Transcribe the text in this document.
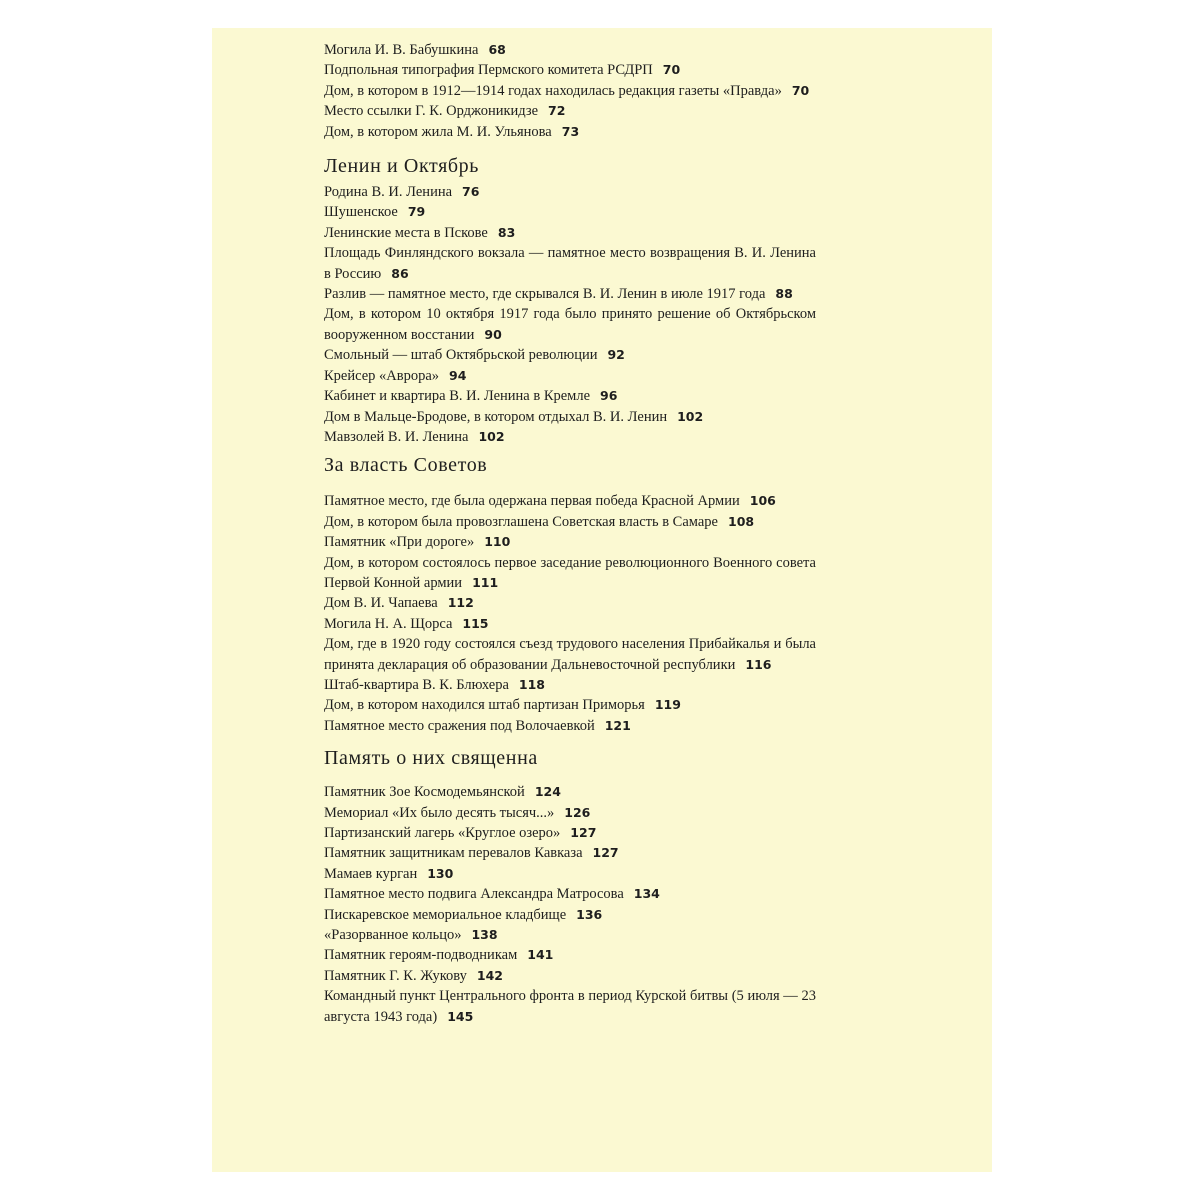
Могила И. В. Бабушкина 68
Подпольная типография Пермского комитета РСДРП 70
Дом, в котором в 1912—1914 годах находилась редакция газеты «Правда» 70
Место ссылки Г. К. Орджоникидзе 72
Дом, в котором жила М. И. Ульянова 73
Ленин и Октябрь
Родина В. И. Ленина 76
Шушенское 79
Ленинские места в Пскове 83
Площадь Финляндского вокзала — памятное место возвращения В. И. Ленина в Россию 86
Разлив — памятное место, где скрывался В. И. Ленин в июле 1917 года 88
Дом, в котором 10 октября 1917 года было принято решение об Октябрьском вооруженном восстании 90
Смольный — штаб Октябрьской революции 92
Крейсер «Аврора» 94
Кабинет и квартира В. И. Ленина в Кремле 96
Дом в Мальце-Бродове, в котором отдыхал В. И. Ленин 102
Мавзолей В. И. Ленина 102
За власть Советов
Памятное место, где была одержана первая победа Красной Армии 106
Дом, в котором была провозглашена Советская власть в Самаре 108
Памятник «При дороге» 110
Дом, в котором состоялось первое заседание революционного Военного совета Первой Конной армии 111
Дом В. И. Чапаева 112
Могила Н. А. Щорса 115
Дом, где в 1920 году состоялся съезд трудового населения Прибайкалья и была принята декларация об образовании Дальневосточной республики 116
Штаб-квартира В. К. Блюхера 118
Дом, в котором находился штаб партизан Приморья 119
Памятное место сражения под Волочаевкой 121
Память о них священна
Памятник Зое Космодемьянской 124
Мемориал «Их было десять тысяч...» 126
Партизанский лагерь «Круглое озеро» 127
Памятник защитникам перевалов Кавказа 127
Мамаев курган 130
Памятное место подвига Александра Матросова 134
Пискаревское мемориальное кладбище 136
«Разорванное кольцо» 138
Памятник героям-подводникам 141
Памятник Г. К. Жукову 142
Командный пункт Центрального фронта в период Курской битвы (5 июля — 23 августа 1943 года) 145
